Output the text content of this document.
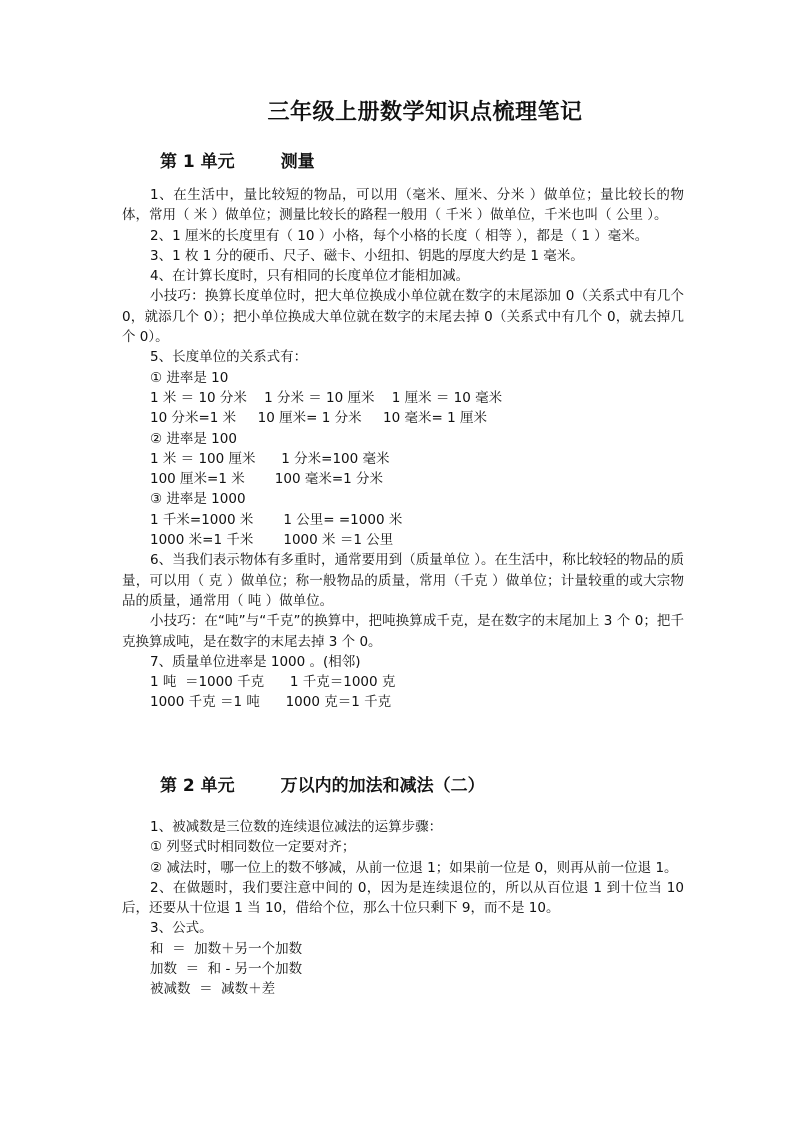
三年级上册数学知识点梳理笔记
第 1 单元	测量

1、在生活中，量比较短的物品，可以用（毫米、厘米、分米 ）做单位；量比较长的物体，常用（ 米 ）做单位；测量比较长的路程一般用（ 千米 ）做单位，千米也叫（ 公里 ）。

2、1 厘米的长度里有（ 10 ）小格，每个小格的长度（ 相等 ），都是（ 1 ）毫米。

3、1 枚 1 分的硬币、尺子、磁卡、小纽扣、钥匙的厚度大约是 1 毫米。

4、在计算长度时，只有相同的长度单位才能相加减。

小技巧：换算长度单位时，把大单位换成小单位就在数字的末尾添加 0（关系式中有几个 0，就添几个 0）；把小单位换成大单位就在数字的末尾去掉 0（关系式中有几个 0，就去掉几个 0）。

5、长度单位的关系式有：

① 进率是 10

1 米 ＝ 10 分米    1 分米 ＝ 10 厘米    1 厘米 ＝ 10 毫米

10 分米=1 米     10 厘米= 1 分米     10 毫米= 1 厘米

② 进率是 100

1 米 ＝ 100 厘米      1 分米=100 毫米

100 厘米=1 米       100 毫米=1 分米

③ 进率是 1000

1 千米=1000 米       1 公里= =1000 米

1000 米=1 千米       1000 米 ＝1 公里

6、当我们表示物体有多重时，通常要用到（质量单位 ）。在生活中，称比较轻的物品的质量，可以用（ 克 ）做单位；称一般物品的质量，常用（千克 ）做单位；计量较重的或大宗物品的质量，通常用（ 吨 ）做单位。

小技巧：在“吨”与“千克”的换算中，把吨换算成千克，是在数字的末尾加上 3 个 0；把千克换算成吨，是在数字的末尾去掉 3 个 0。

7、质量单位进率是 1000 。(相邻)

1 吨  ＝1000 千克      1 千克＝1000 克

1000 千克 ＝1 吨      1000 克＝1 千克

第 2 单元	万以内的加法和减法（二）

1、被减数是三位数的连续退位减法的运算步骤：

① 列竖式时相同数位一定要对齐；

② 减法时，哪一位上的数不够减，从前一位退 1；如果前一位是 0，则再从前一位退 1。

2、在做题时，我们要注意中间的 0，因为是连续退位的，所以从百位退 1 到十位当 10 后，还要从十位退 1 当 10，借给个位，那么十位只剩下 9，而不是 10。

3、公式。

和  ＝  加数＋另一个加数

加数  ＝  和 - 另一个加数

被减数  ＝  减数＋差
